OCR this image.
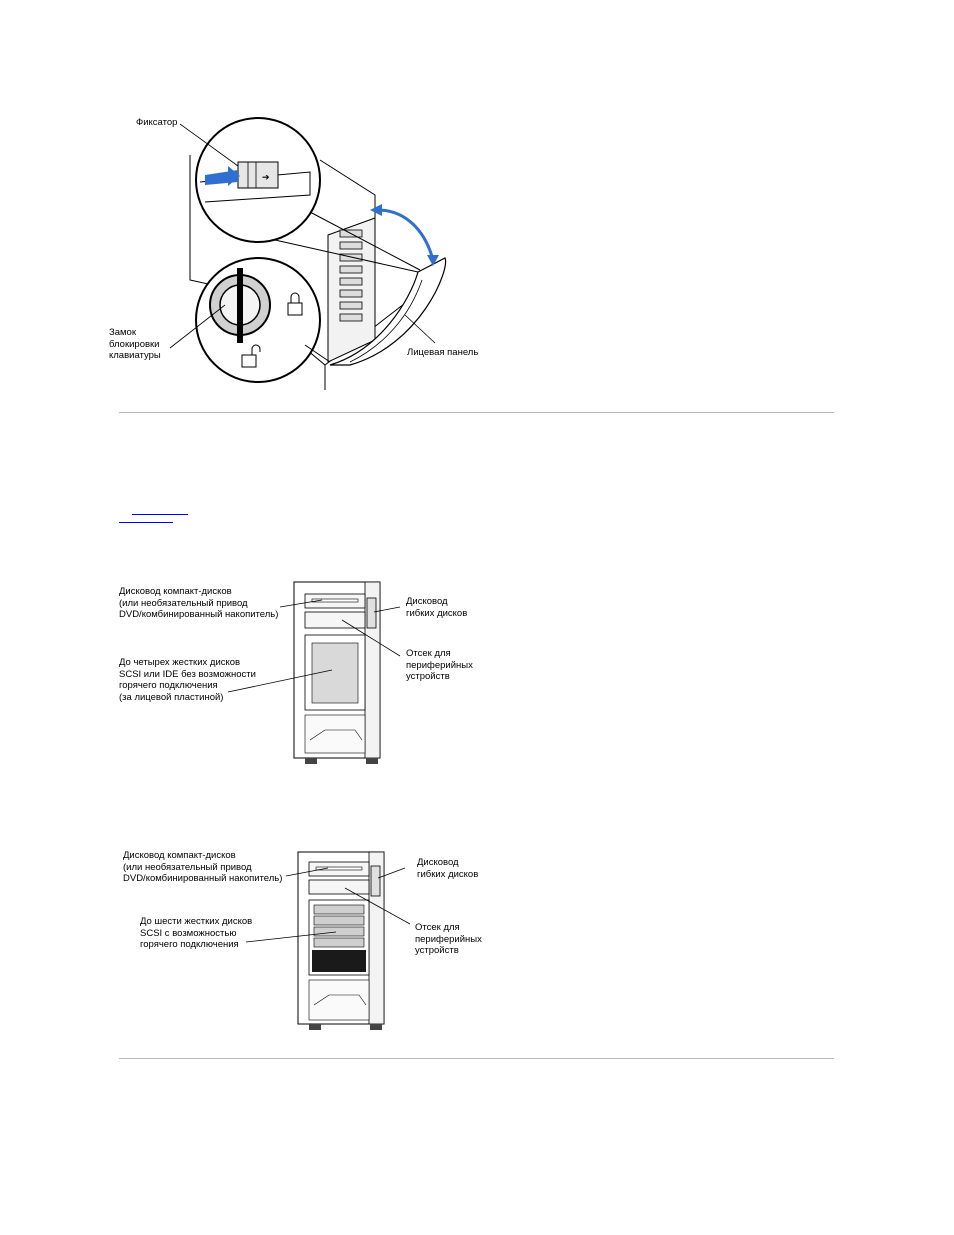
➔
Фиксатор
Замок
блокировки
клавиатуры	Лицевая панель
Дисковод компакт-дисков
(или необязательный привод
DVD/комбинированный накопитель)
Дисковод
гибких дисков
Отсек для
периферийных
устройств
До четырех жестких дисков
SCSI или IDE без возможности
горячего подключения
(за лицевой пластиной)
Дисковод компакт-дисков
(или необязательный привод
DVD/комбинированный накопитель)
Дисковод
гибких дисков
Отсек для
периферийных
устройств
До шести жестких дисков
SCSI с возможностью
горячего подключения
